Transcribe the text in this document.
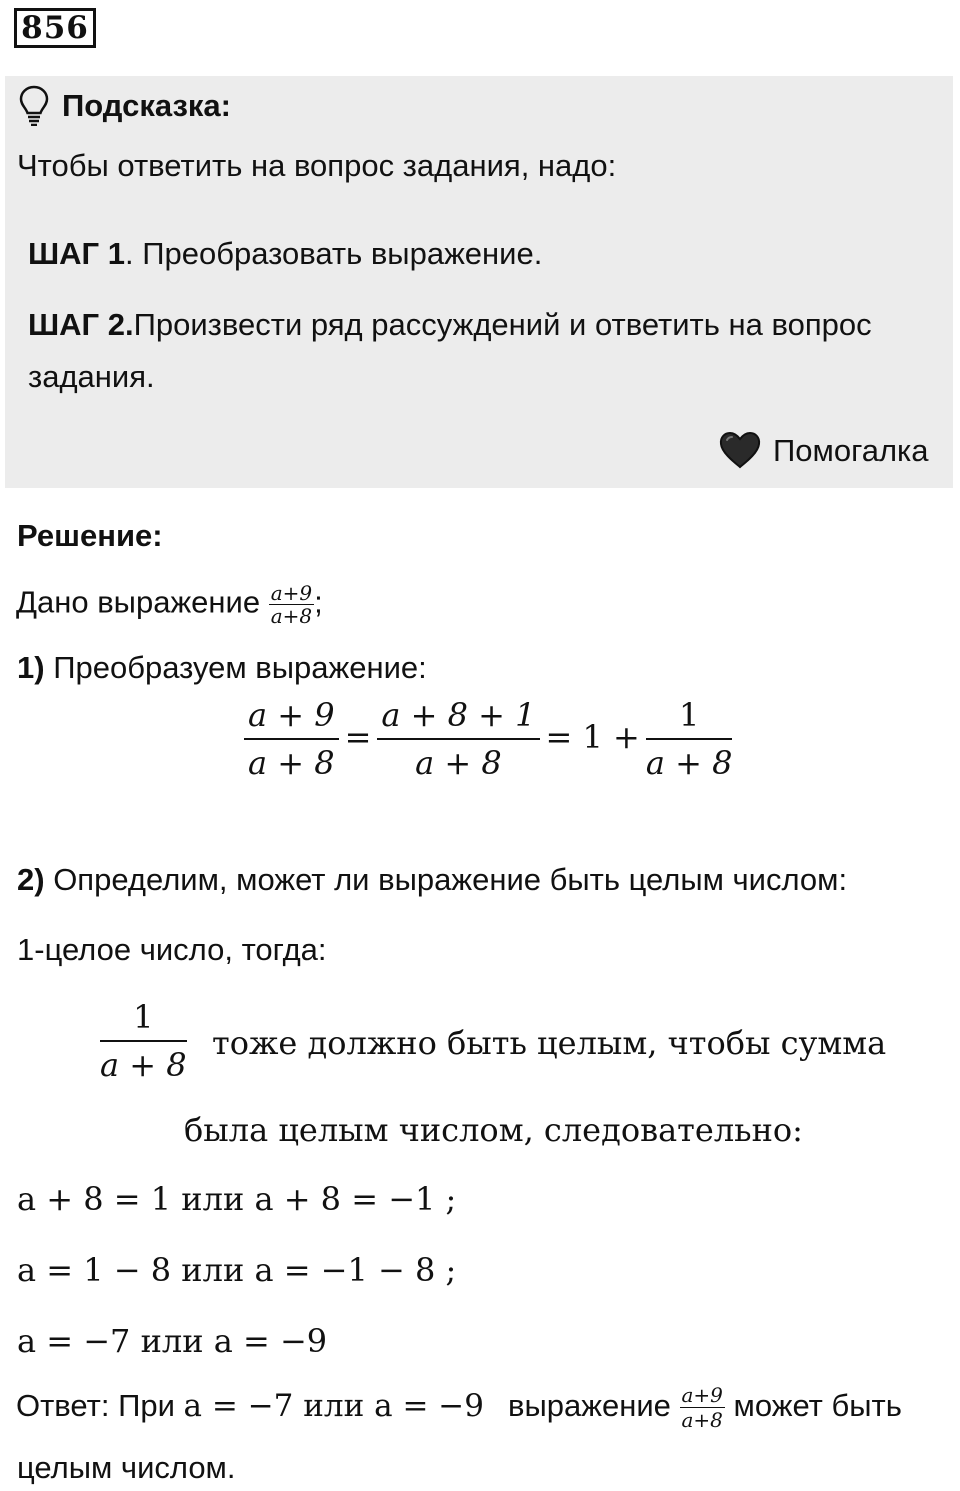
856
Подсказка:
Чтобы ответить на вопрос задания, надо:
ШАГ 1. Преобразовать выражение.
ШАГ 2.Произвести ряд рассуждений и ответить на вопрос
задания.
Помогалка
Решение:
Дано выражение $\frac{a+9}{a+8}$ ;
1) Преобразуем выражение:
$\frac{a + 9}{a + 8} = \frac{a + 8 + 1}{a + 8} = 1 + \frac{1}{a + 8}$
2) Определим, может ли выражение быть целым числом:
1-целое число, тогда:
$\frac{1}{a + 8}$ тоже должно быть целым, чтобы сумма
была целым числом, следовательно:
a + 8 = 1 или a + 8 = −1 ;
a = 1 − 8 или a = −1 − 8 ;
a = −7 или a = −9
Ответ: При a = −7 или a = −9 выражение $\frac{a+9}{a+8}$ может быть
целым числом.
